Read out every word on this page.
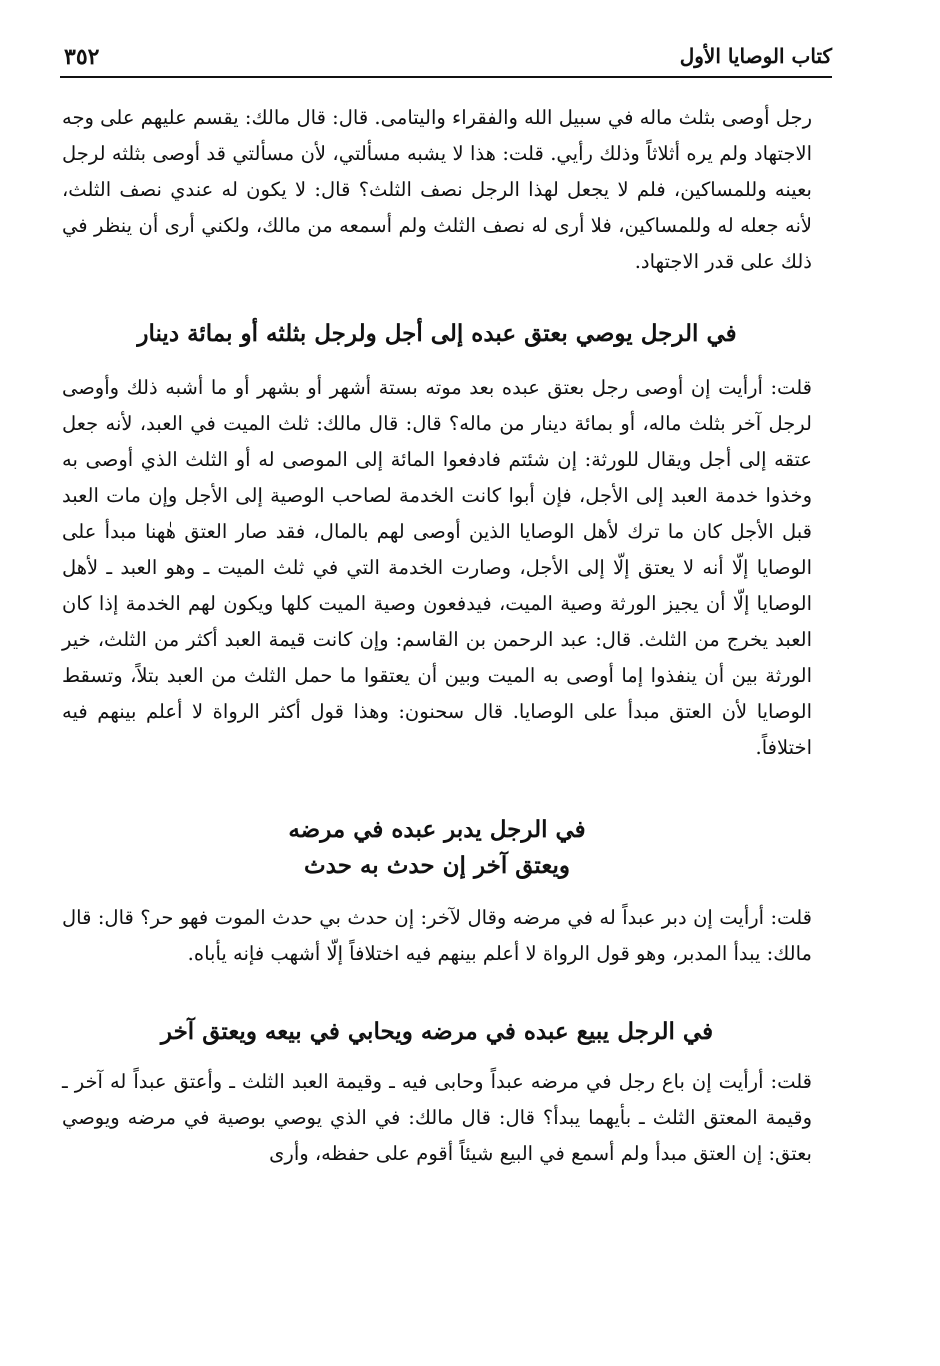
كتاب الوصايا الأول

٣٥٢

رجل أوصى بثلث ماله في سبيل الله والفقراء واليتامى. قال: قال مالك: يقسم عليهم على وجه الاجتهاد ولم يره أثلاثاً وذلك رأيي. قلت: هذا لا يشبه مسألتي، لأن مسألتي قد أوصى بثلثه لرجل بعينه وللمساكين، فلم لا يجعل لهذا الرجل نصف الثلث؟ قال: لا يكون له عندي نصف الثلث، لأنه جعله له وللمساكين، فلا أرى له نصف الثلث ولم أسمعه من مالك، ولكني أرى أن ينظر في ذلك على قدر الاجتهاد.

في الرجل يوصي بعتق عبده إلى أجل ولرجل بثلثه أو بمائة دينار

قلت: أرأيت إن أوصى رجل بعتق عبده بعد موته بستة أشهر أو بشهر أو ما أشبه ذلك وأوصى لرجل آخر بثلث ماله، أو بمائة دينار من ماله؟ قال: قال مالك: ثلث الميت في العبد، لأنه جعل عتقه إلى أجل ويقال للورثة: إن شئتم فادفعوا المائة إلى الموصى له أو الثلث الذي أوصى به وخذوا خدمة العبد إلى الأجل، فإن أبوا كانت الخدمة لصاحب الوصية إلى الأجل وإن مات العبد قبل الأجل كان ما ترك لأهل الوصايا الذين أوصى لهم بالمال، فقد صار العتق هٰهنا مبدأ على الوصايا إلّا أنه لا يعتق إلّا إلى الأجل، وصارت الخدمة التي في ثلث الميت ـ وهو العبد ـ لأهل الوصايا إلّا أن يجيز الورثة وصية الميت، فيدفعون وصية الميت كلها ويكون لهم الخدمة إذا كان العبد يخرج من الثلث. قال: عبد الرحمن بن القاسم: وإن كانت قيمة العبد أكثر من الثلث، خير الورثة بين أن ينفذوا إما أوصى به الميت وبين أن يعتقوا ما حمل الثلث من العبد بتلاً، وتسقط الوصايا لأن العتق مبدأ على الوصايا. قال سحنون: وهذا قول أكثر الرواة لا أعلم بينهم فيه اختلافاً.

في الرجل يدبر عبده في مرضه
ويعتق آخر إن حدث به حدث

قلت: أرأيت إن دبر عبداً له في مرضه وقال لآخر: إن حدث بي حدث الموت فهو حر؟ قال: قال مالك: يبدأ المدبر، وهو قول الرواة لا أعلم بينهم فيه اختلافاً إلّا أشهب فإنه يأباه.

في الرجل يبيع عبده في مرضه ويحابي في بيعه ويعتق آخر

قلت: أرأيت إن باع رجل في مرضه عبداً وحابى فيه ـ وقيمة العبد الثلث ـ وأعتق عبداً له آخر ـ وقيمة المعتق الثلث ـ بأيهما يبدأ؟ قال: قال مالك: في الذي يوصي بوصية في مرضه ويوصي بعتق: إن العتق مبدأ ولم أسمع في البيع شيئاً أقوم على حفظه، وأرى
